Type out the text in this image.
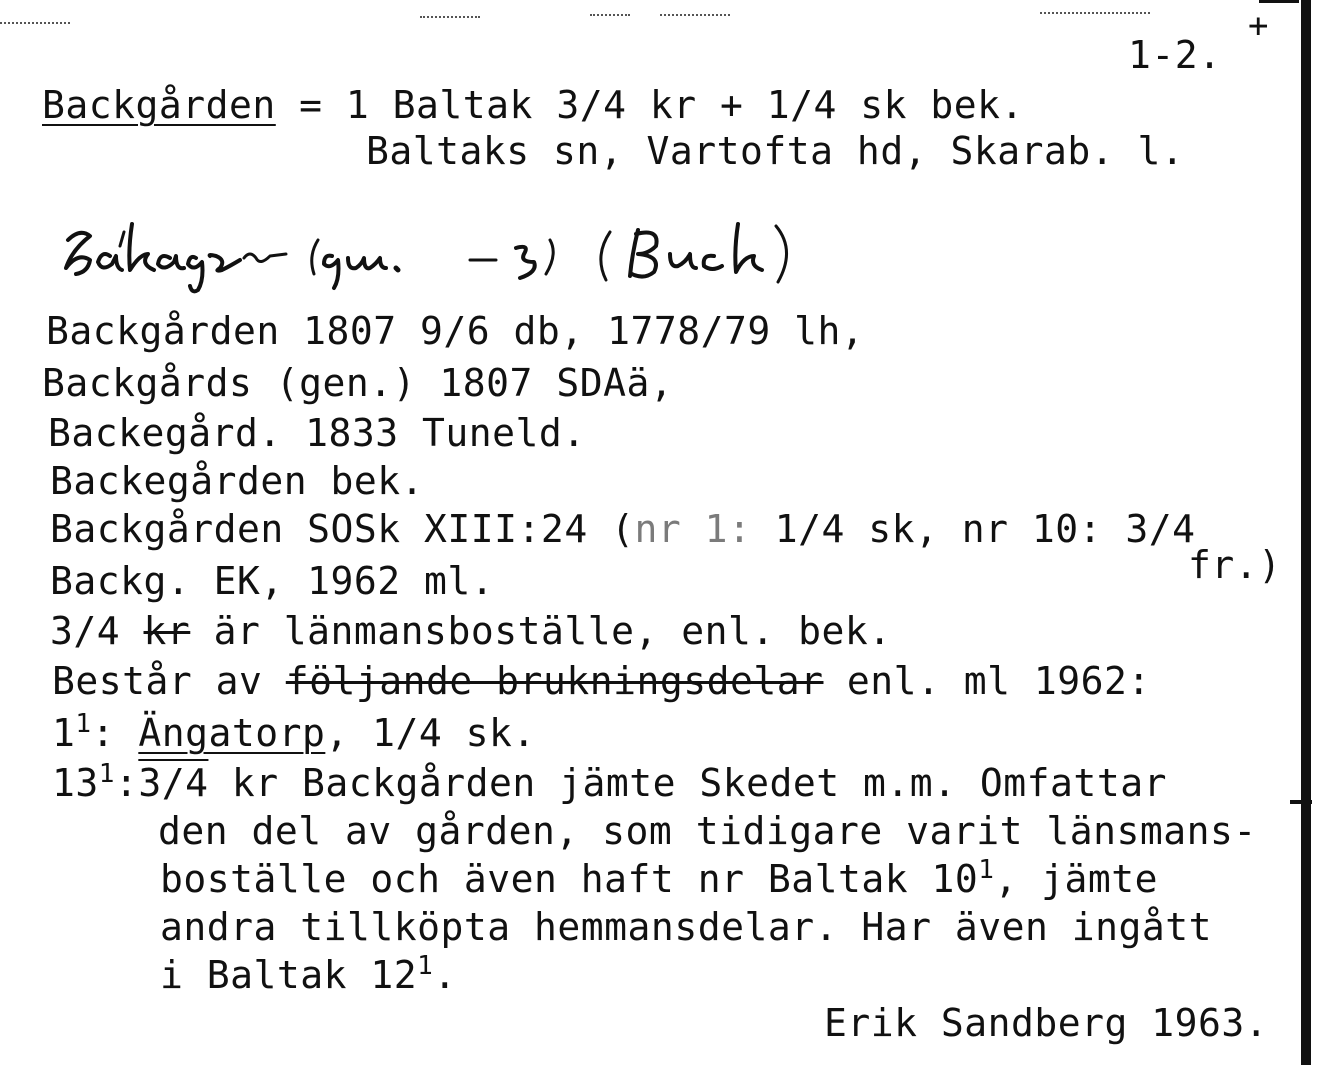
+
1-2.
Backgården = 1 Baltak 3/4 kr + 1/4 sk bek.
Baltaks sn, Vartofta hd, Skarab. l.
Backgården 1807 9/6 db, 1778/79 lh,
Backgårds (gen.) 1807 SDAä,
Backegård. 1833 Tuneld.
Backegården bek.
Backgården SOSk XIII:24 (nr 1: 1/4 sk, nr 10: 3/4
fr.)
Backg. EK, 1962 ml.
3/4 kr är länmansboställe, enl. bek.
Består av följande brukningsdelar enl. ml 1962:
$1^1$: Ängatorp, 1/4 sk.
$13^1:3/4$ kr Backgården jämte Skedet m.m. Omfattar
den del av gården, som tidigare varit länsmans-
boställe och även haft nr Baltak $10^1$, jämte
andra tillköpta hemmansdelar. Har även ingått
i Baltak $12^1$.
Erik Sandberg 1963.
